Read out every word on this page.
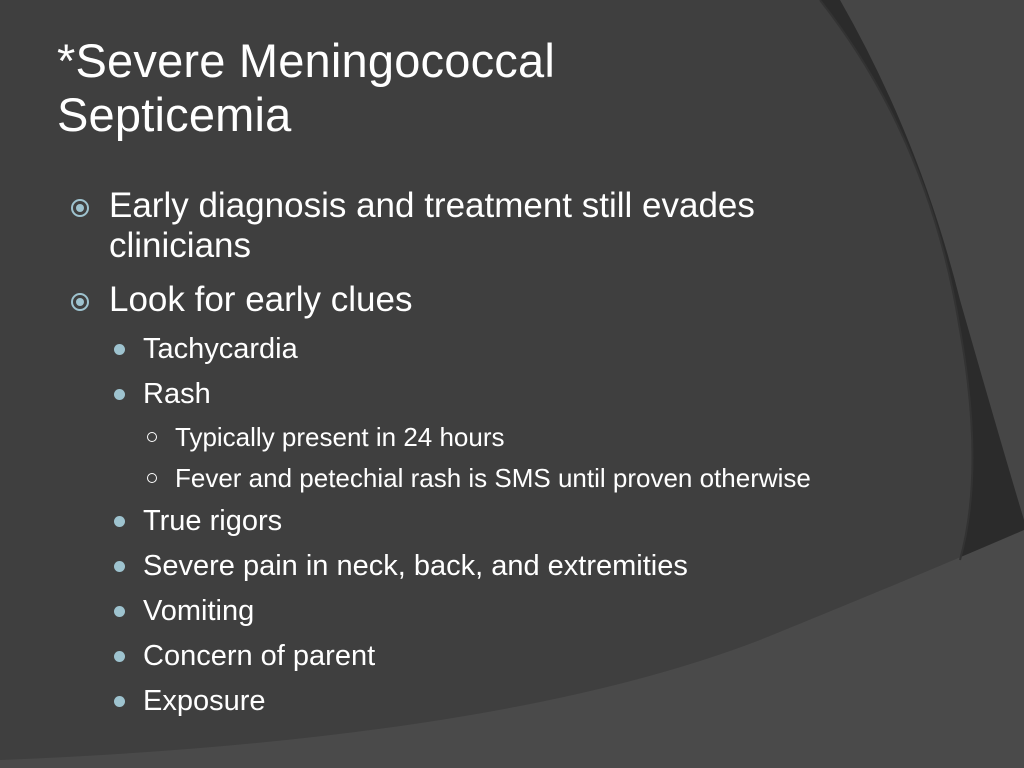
*Severe Meningococcal
Septicemia
Early diagnosis and treatment still evades
clinicians
Look for early clues
Tachycardia
Rash
Typically present in 24 hours
Fever and petechial rash is SMS until proven otherwise
True rigors
Severe pain in neck, back, and extremities
Vomiting
Concern of parent
Exposure
